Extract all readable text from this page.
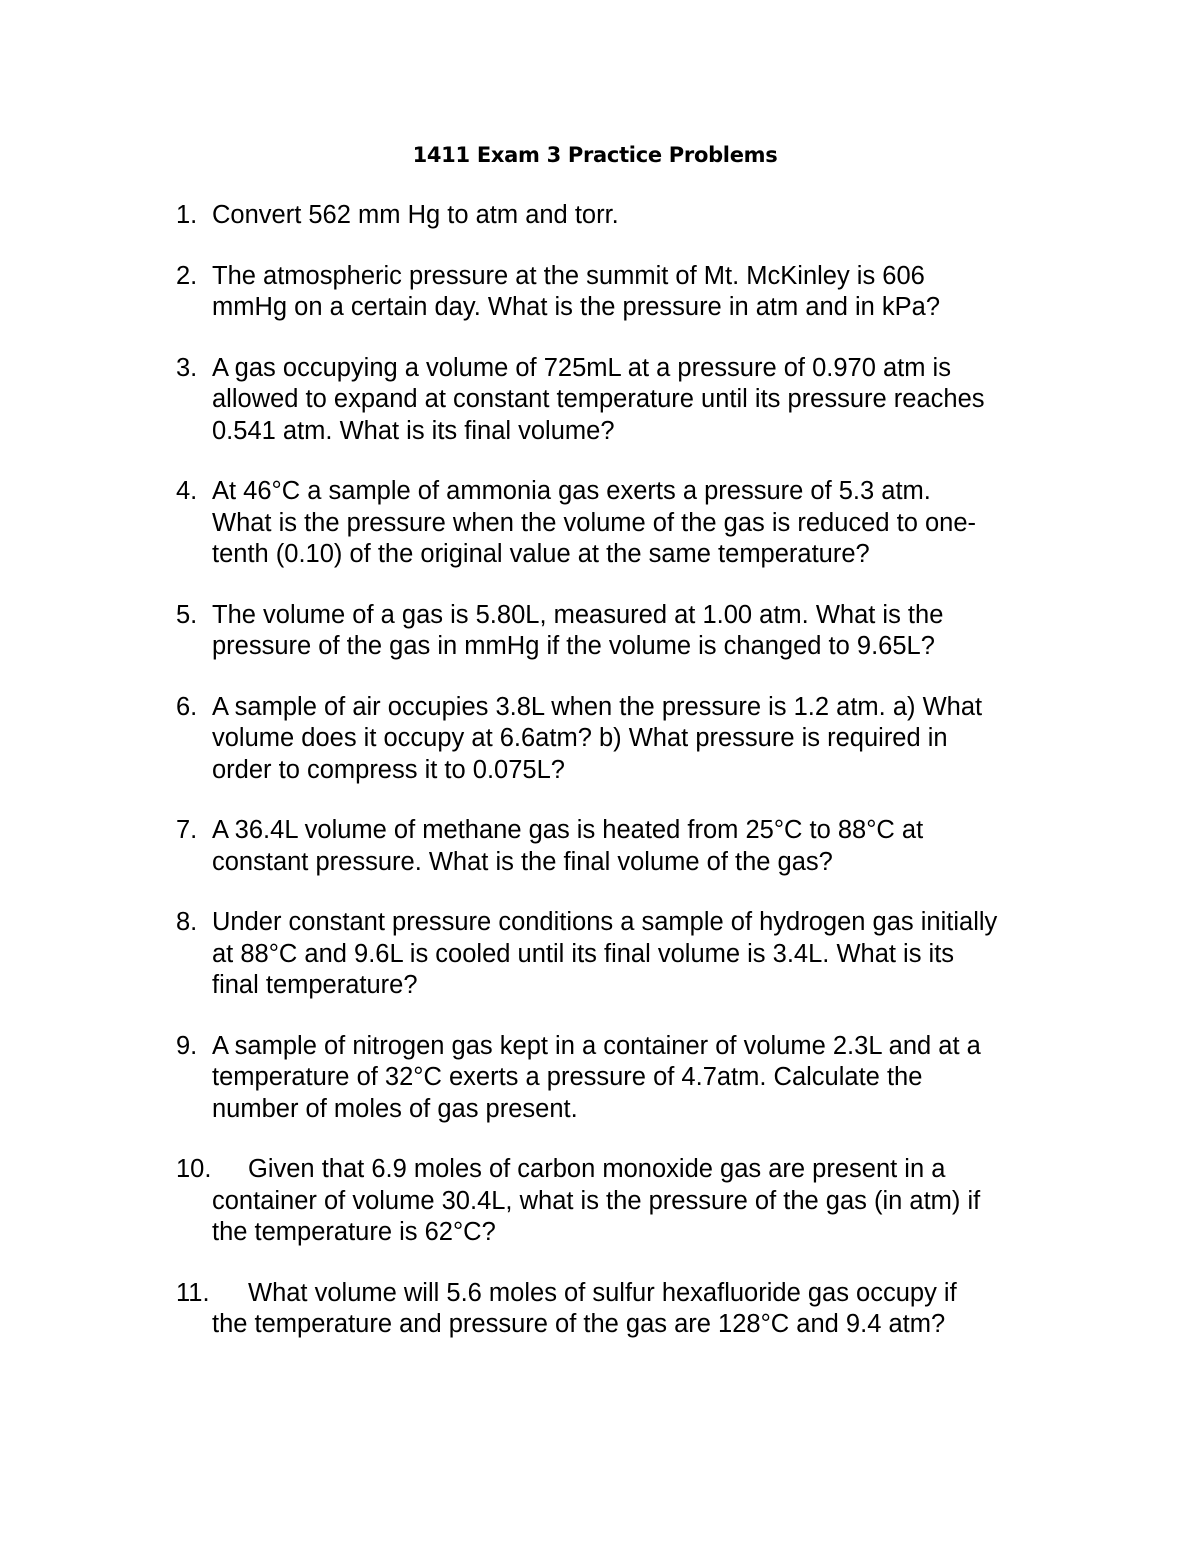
1411 Exam 3 Practice Problems
1. Convert 562 mm Hg to atm and torr.
2. The atmospheric pressure at the summit of Mt. McKinley is 606
mmHg on a certain day. What is the pressure in atm and in kPa?
3. A gas occupying a volume of 725mL at a pressure of 0.970 atm is
allowed to expand at constant temperature until its pressure reaches
0.541 atm. What is its final volume?
4. At 46°C a sample of ammonia gas exerts a pressure of 5.3 atm.
What is the pressure when the volume of the gas is reduced to one-
tenth (0.10) of the original value at the same temperature?
5. The volume of a gas is 5.80L, measured at 1.00 atm. What is the
pressure of the gas in mmHg if the volume is changed to 9.65L?
6. A sample of air occupies 3.8L when the pressure is 1.2 atm. a) What
volume does it occupy at 6.6atm? b) What pressure is required in
order to compress it to 0.075L?
7. A 36.4L volume of methane gas is heated from 25°C to 88°C at
constant pressure. What is the final volume of the gas?
8. Under constant pressure conditions a sample of hydrogen gas initially
at 88°C and 9.6L is cooled until its final volume is 3.4L. What is its
final temperature?
9. A sample of nitrogen gas kept in a container of volume 2.3L and at a
temperature of 32°C exerts a pressure of 4.7atm. Calculate the
number of moles of gas present.
10.	Given that 6.9 moles of carbon monoxide gas are present in a
container of volume 30.4L, what is the pressure of the gas (in atm) if
the temperature is 62°C?
11.	What volume will 5.6 moles of sulfur hexafluoride gas occupy if
the temperature and pressure of the gas are 128°C and 9.4 atm?
